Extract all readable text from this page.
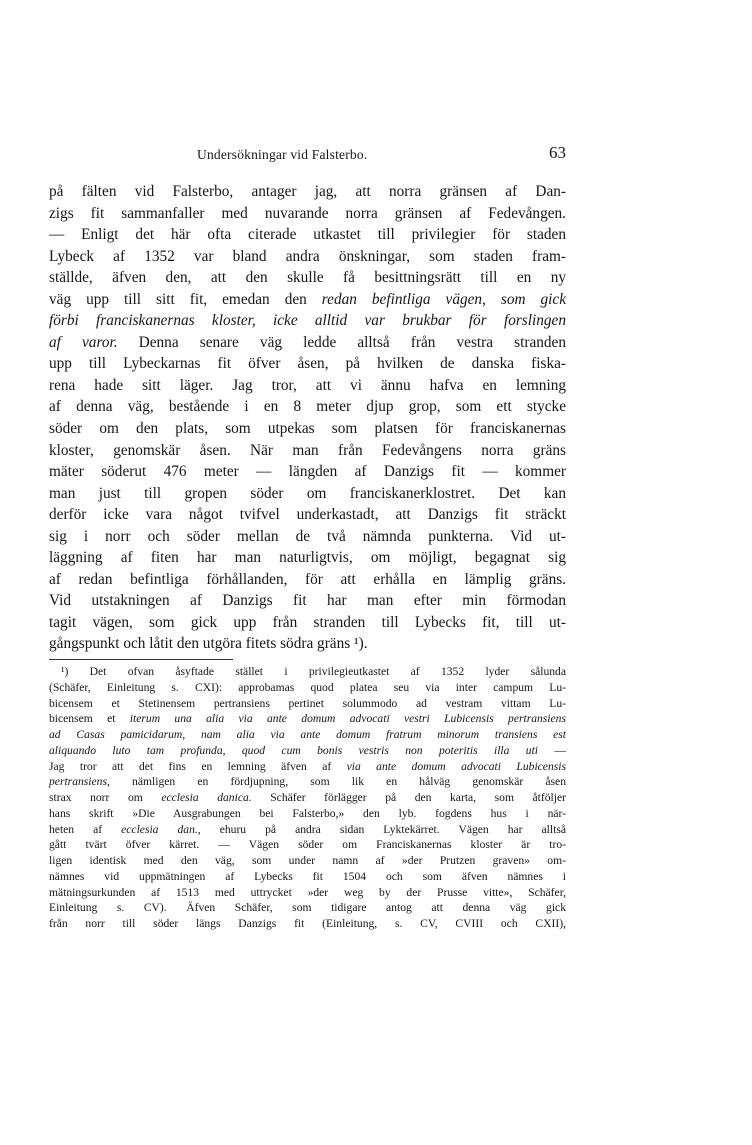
Undersökningar vid Falsterbo.	63
på fälten vid Falsterbo, antager jag, att norra gränsen af Dan-
zigs fit sammanfaller med nuvarande norra gränsen af Fedevången.
— Enligt det här ofta citerade utkastet till privilegier för staden
Lybeck af 1352 var bland andra önskningar, som staden fram-
ställde, äfven den, att den skulle få besittningsrätt till en ny
väg upp till sitt fit, emedan den redan befintliga vägen, som gick
förbi franciskanernas kloster, icke alltid var brukbar för forslingen
af varor. Denna senare väg ledde alltså från vestra stranden
upp till Lybeckarnas fit öfver åsen, på hvilken de danska fiska-
rena hade sitt läger. Jag tror, att vi ännu hafva en lemning
af denna väg, bestående i en 8 meter djup grop, som ett stycke
söder om den plats, som utpekas som platsen för franciskanernas
kloster, genomskär åsen. När man från Fedevångens norra gräns
mäter söderut 476 meter — längden af Danzigs fit — kommer
man just till gropen söder om franciskanerklostret. Det kan
derför icke vara något tvifvel underkastadt, att Danzigs fit sträckt
sig i norr och söder mellan de två nämnda punkterna. Vid ut-
läggning af fiten har man naturligtvis, om möjligt, begagnat sig
af redan befintliga förhållanden, för att erhålla en lämplig gräns.
Vid utstakningen af Danzigs fit har man efter min förmodan
tagit vägen, som gick upp från stranden till Lybecks fit, till ut-
gångspunkt och låtit den utgöra fitets södra gräns ¹).
¹) Det ofvan åsyftade stället i privilegieutkastet af 1352 lyder sålunda
(Schäfer, Einleitung s. CXI): approbamas quod platea seu via inter campum Lu-
bicensem et Stetinensem pertransiens pertinet solummodo ad vestram vittam Lu-
bicensem et iterum una alia via ante domum advocati vestri Lubicensis pertransiens
ad Casas pamicidarum, nam alia via ante domum fratrum minorum transiens est
aliquando luto tam profunda, quod cum bonis vestris non poteritis illa uti —
Jag tror att det fins en lemning äfven af via ante domum advocati Lubicensis
pertransiens, nämligen en fördjupning, som lik en hålväg genomskär åsen
strax norr om ecclesia danica. Schäfer förlägger på den karta, som åtföljer
hans skrift »Die Ausgrabungen bei Falsterbo,» den lyb. fogdens hus i när-
heten af ecclesia dan., ehuru på andra sidan Lyktekärret. Vägen har alltså
gått tvärt öfver kärret. — Vägen söder om Franciskanernas kloster är tro-
ligen identisk med den väg, som under namn af »der Prutzen graven» om-
nämnes vid uppmätningen af Lybecks fit 1504 och som äfven nämnes i
mätningsurkunden af 1513 med uttrycket »der weg by der Prusse vitte», Schäfer,
Einleitung s. CV). Äfven Schäfer, som tidigare antog att denna väg gick
från norr till söder längs Danzigs fit (Einleitung, s. CV, CVIII och CXII),
